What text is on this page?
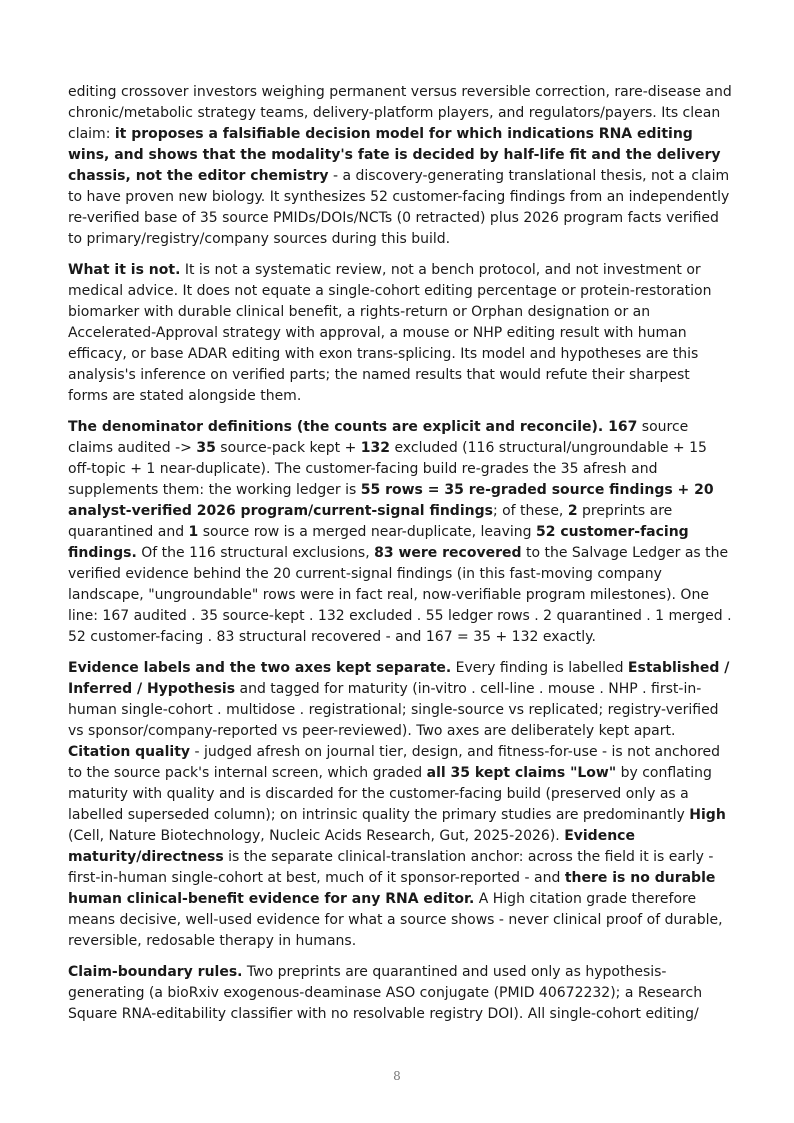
editing crossover investors weighing permanent versus reversible correction, rare-disease and chronic/metabolic strategy teams, delivery-platform players, and regulators/payers. Its clean claim: it proposes a falsifiable decision model for which indications RNA editing wins, and shows that the modality's fate is decided by half-life fit and the delivery chassis, not the editor chemistry - a discovery-generating translational thesis, not a claim to have proven new biology. It synthesizes 52 customer-facing findings from an independently re-verified base of 35 source PMIDs/DOIs/NCTs (0 retracted) plus 2026 program facts verified to primary/registry/company sources during this build.

What it is not. It is not a systematic review, not a bench protocol, and not investment or medical advice. It does not equate a single-cohort editing percentage or protein-restoration biomarker with durable clinical benefit, a rights-return or Orphan designation or an Accelerated-Approval strategy with approval, a mouse or NHP editing result with human efficacy, or base ADAR editing with exon trans-splicing. Its model and hypotheses are this analysis's inference on verified parts; the named results that would refute their sharpest forms are stated alongside them.

The denominator definitions (the counts are explicit and reconcile). 167 source claims audited -> 35 source-pack kept + 132 excluded (116 structural/ungroundable + 15 off-topic + 1 near-duplicate). The customer-facing build re-grades the 35 afresh and supplements them: the working ledger is 55 rows = 35 re-graded source findings + 20 analyst-verified 2026 program/current-signal findings; of these, 2 preprints are quarantined and 1 source row is a merged near-duplicate, leaving 52 customer-facing findings. Of the 116 structural exclusions, 83 were recovered to the Salvage Ledger as the verified evidence behind the 20 current-signal findings (in this fast-moving company landscape, "ungroundable" rows were in fact real, now-verifiable program milestones). One line: 167 audited . 35 source-kept . 132 excluded . 55 ledger rows . 2 quarantined . 1 merged . 52 customer-facing . 83 structural recovered - and 167 = 35 + 132 exactly.

Evidence labels and the two axes kept separate. Every finding is labelled Established / Inferred / Hypothesis and tagged for maturity (in-vitro . cell-line . mouse . NHP . first-in-human single-cohort . multidose . registrational; single-source vs replicated; registry-verified vs sponsor/company-reported vs peer-reviewed). Two axes are deliberately kept apart. Citation quality - judged afresh on journal tier, design, and fitness-for-use - is not anchored to the source pack's internal screen, which graded all 35 kept claims "Low" by conflating maturity with quality and is discarded for the customer-facing build (preserved only as a labelled superseded column); on intrinsic quality the primary studies are predominantly High (Cell, Nature Biotechnology, Nucleic Acids Research, Gut, 2025-2026). Evidence maturity/directness is the separate clinical-translation anchor: across the field it is early - first-in-human single-cohort at best, much of it sponsor-reported - and there is no durable human clinical-benefit evidence for any RNA editor. A High citation grade therefore means decisive, well-used evidence for what a source shows - never clinical proof of durable, reversible, redosable therapy in humans.

Claim-boundary rules. Two preprints are quarantined and used only as hypothesis-generating (a bioRxiv exogenous-deaminase ASO conjugate (PMID 40672232); a Research Square RNA-editability classifier with no resolvable registry DOI). All single-cohort editing/

8
